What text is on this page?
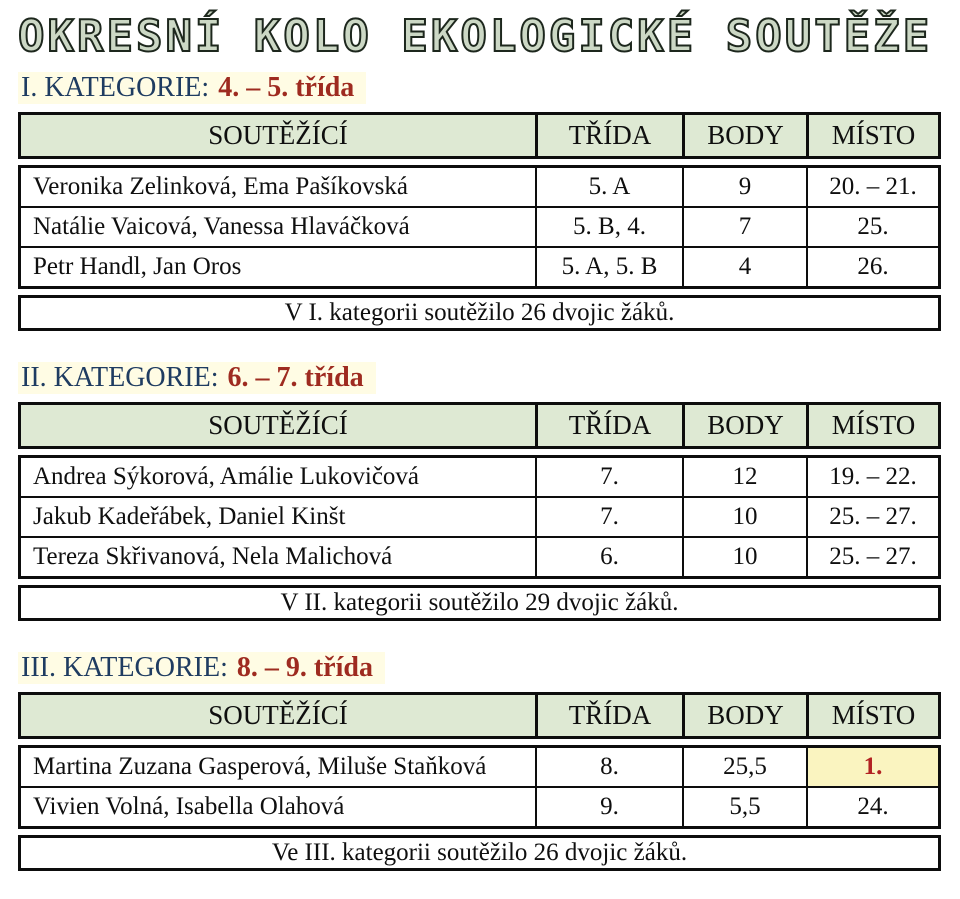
OKRESNÍ KOLO EKOLOGICKÉ SOUTĚŽE
I. KATEGORIE: 4. – 5. třída
SOUTĚŽÍCÍ	TŘÍDA	BODY	MÍSTO
Veronika Zelinková, Ema Pašíkovská	5. A	9	20. – 21.
Natálie Vaicová, Vanessa Hlaváčková	5. B, 4.	7	25.
Petr Handl, Jan Oros	5. A, 5. B	4	26.
V I. kategorii soutěžilo 26 dvojic žáků.
II. KATEGORIE: 6. – 7. třída
SOUTĚŽÍCÍ	TŘÍDA	BODY	MÍSTO
Andrea Sýkorová, Amálie Lukovičová	7.	12	19. – 22.
Jakub Kadeřábek, Daniel Kinšt	7.	10	25. – 27.
Tereza Skřivanová, Nela Malichová	6.	10	25. – 27.
V II. kategorii soutěžilo 29 dvojic žáků.
III. KATEGORIE: 8. – 9. třída
SOUTĚŽÍCÍ	TŘÍDA	BODY	MÍSTO
Martina Zuzana Gasperová, Miluše Staňková	8.	25,5	1.
Vivien Volná, Isabella Olahová	9.	5,5	24.
Ve III. kategorii soutěžilo 26 dvojic žáků.
